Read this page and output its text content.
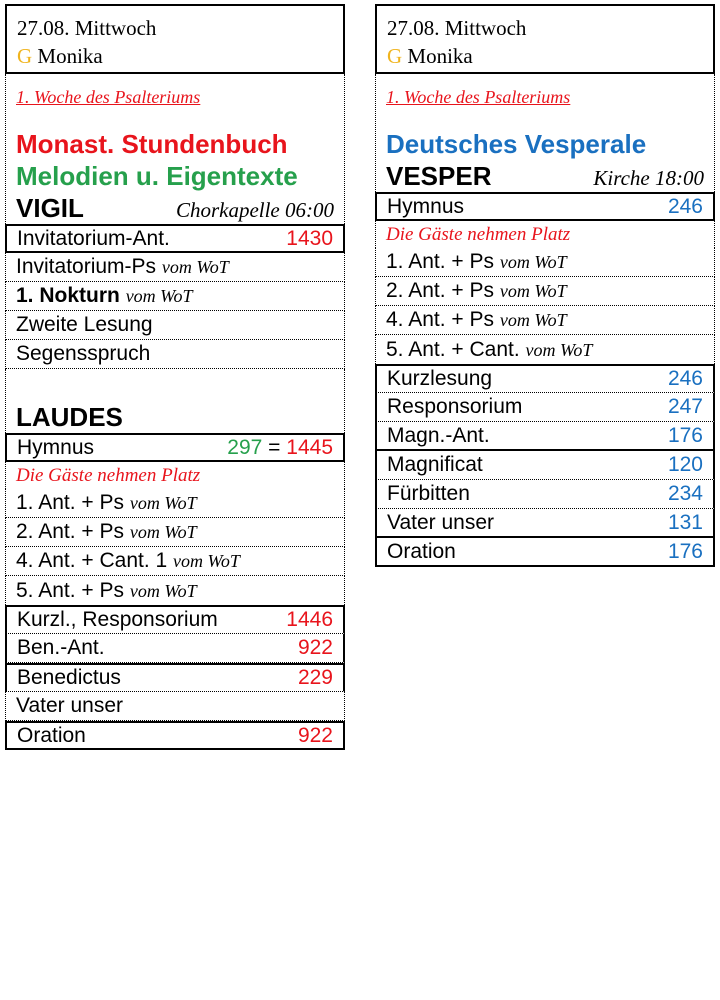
27.08. Mittwoch
G Monika
1. Woche des Psalteriums
Monast. Stundenbuch
Melodien u. Eigentexte
VIGIL	Chorkapelle 06:00
Invitatorium-Ant.	1430
Invitatorium-Ps vom WoT
1. Nokturn vom WoT
Zweite Lesung
Segensspruch
LAUDES
Hymnus	297 = 1445
Die Gäste nehmen Platz
1. Ant. + Ps vom WoT
2. Ant. + Ps vom WoT
4. Ant. + Cant. 1 vom WoT
5. Ant. + Ps vom WoT
Kurzl., Responsorium	1446
Ben.-Ant.	922
Benedictus	229
Vater unser
Oration	922
27.08. Mittwoch
G Monika
1. Woche des Psalteriums
Deutsches Vesperale
VESPER	Kirche 18:00
Hymnus	246
Die Gäste nehmen Platz
1. Ant. + Ps vom WoT
2. Ant. + Ps vom WoT
4. Ant. + Ps vom WoT
5. Ant. + Cant. vom WoT
Kurzlesung	246
Responsorium	247
Magn.-Ant.	176
Magnificat	120
Fürbitten	234
Vater unser	131
Oration	176
